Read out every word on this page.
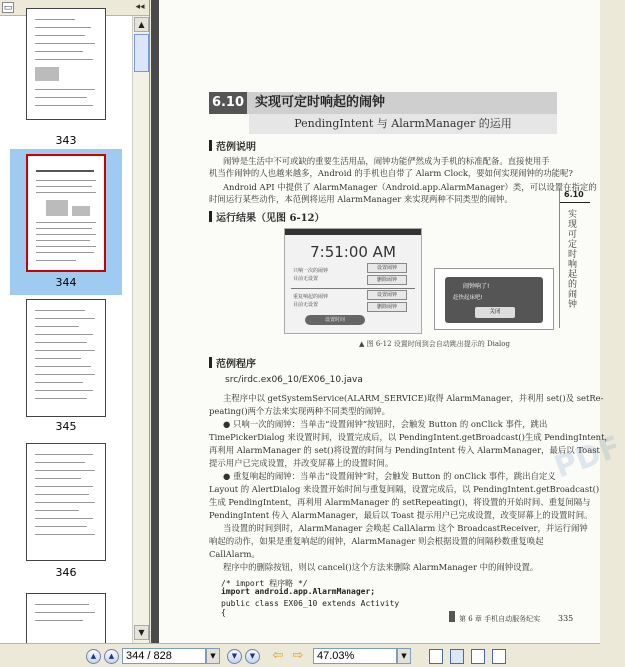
▭	◂◂
343
344
345
346
▲
▼
6.10 实现可定时响起的闹钟
PendingIntent 与 AlarmManager 的运用
6.10
实现可定时响起的闹钟
PDF
范例说明
闹钟是生活中不可或缺的重要生活用品，闹钟功能俨然成为手机的标准配备。直接使用手
机当作闹钟的人也越来越多，Android 的手机也自带了 Alarm Clock，要如何实现闹钟的功能呢?
Android API 中提供了 AlarmManager（Android.app.AlarmManager）类，可以设置在指定的
时间运行某些动作，本范例将运用 AlarmManager 来实现两种不同类型的闹钟。
运行结果（见图 6-12）
7:51:00 AM
只响一次的闹钟
目前无设置
设置闹钟
删除闹钟
重复响起的闹钟
目前无设置
设置闹钟
删除闹钟
设置时间
闹钟响了!
赶快起床吧!
关闭
▲ 图 6-12 设置时间到会自动跳出提示的 Dialog
范例程序
src/irdc.ex06_10/EX06_10.java
主程序中以 getSystemService(ALARM_SERVICE)取得 AlarmManager，并利用 set()及 setRe-
peating()两个方法来实现两种不同类型的闹钟。
● 只响一次的闹钟：当单击“设置闹钟”按钮时，会触发 Button 的 onClick 事件，跳出
TimePickerDialog 来设置时间，设置完成后，以 PendingIntent.getBroadcast()生成 PendingIntent，
再利用 AlarmManager 的 set()将设置的时间与 PendingIntent 传入 AlarmManager，最后以 Toast
提示用户已完成设置，并改变屏幕上的设置时间。
● 重复响起的闹钟：当单击“设置闹钟”时，会触发 Button 的 onClick 事件，跳出自定义
Layout 的 AlertDialog 来设置开始时间与重复间隔，设置完成后，以 PendingIntent.getBroadcast()
生成 PendingIntent，再利用 AlarmManager 的 setRepeating()，将设置的开始时间、重复间隔与
PendingIntent 传入 AlarmManager，最后以 Toast 提示用户已完成设置，改变屏幕上的设置时间。
当设置的时间到时，AlarmManager 会唤起 CallAlarm 这个 BroadcastReceiver，并运行闹钟
响起的动作，如果是重复响起的闹钟，AlarmManager 则会根据设置的间隔秒数重复唤起
CallAlarm。
程序中的删除按钮，则以 cancel()这个方法来删除 AlarmManager 中的闹钟设置。
/* import 程序略 */
import android.app.AlarmManager;
public class EX06_10 extends Activity
{
第 6 章 手机自动服务纪实 335
▲	▲	344 / 828	▼	▼	▼	⇦ ⇨	47.03%	▼
